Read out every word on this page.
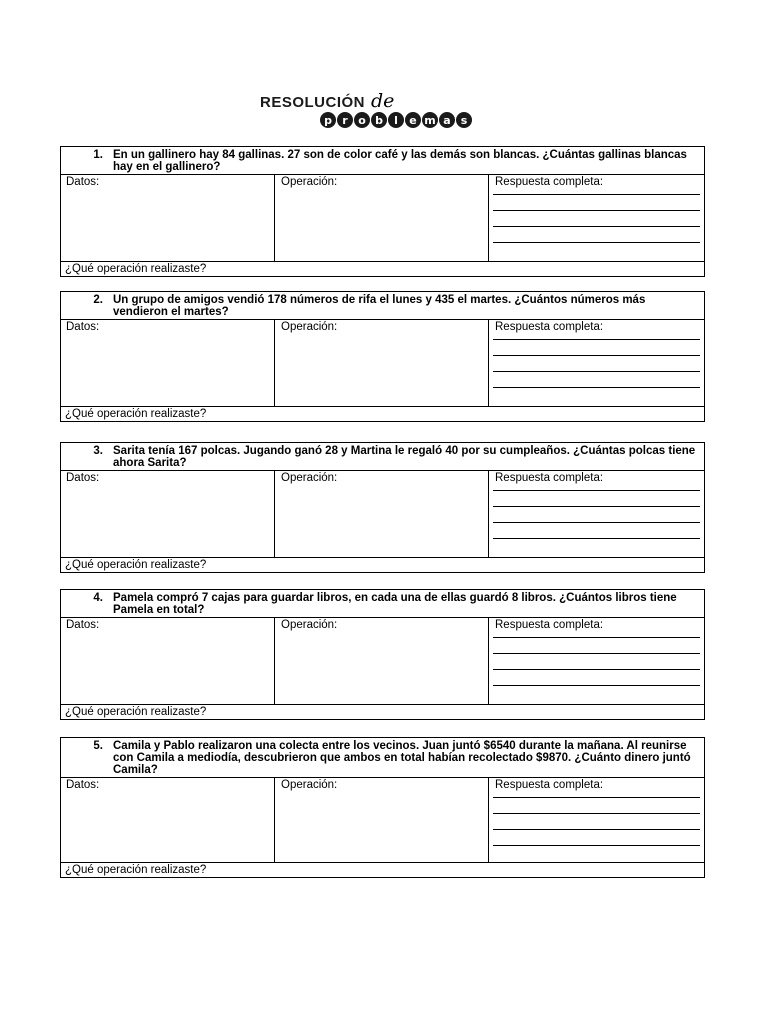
RESOLUCIÓN de
p r o b	l	e m a s
1. En un gallinero hay 84 gallinas. 27 son de color café y las demás son blancas. ¿Cuántas gallinas blancas hay en el gallinero?
Datos:	Operación:	Respuesta completa:
¿Qué operación realizaste?
2. Un grupo de amigos vendió 178 números de rifa el lunes y 435 el martes. ¿Cuántos números más vendieron el martes?
Datos:	Operación:	Respuesta completa:
¿Qué operación realizaste?
3. Sarita tenía 167 polcas. Jugando ganó 28 y Martina le regaló 40 por su cumpleaños. ¿Cuántas polcas tiene ahora Sarita?
Datos:	Operación:	Respuesta completa:
¿Qué operación realizaste?
4. Pamela compró 7 cajas para guardar libros, en cada una de ellas guardó 8 libros. ¿Cuántos libros tiene Pamela en total?
Datos:	Operación:	Respuesta completa:
¿Qué operación realizaste?
5. Camila y Pablo realizaron una colecta entre los vecinos. Juan juntó $6540 durante la mañana. Al reunirse con Camila a mediodía, descubrieron que ambos en total habían recolectado $9870. ¿Cuánto dinero juntó Camila?
Datos:	Operación:	Respuesta completa:
¿Qué operación realizaste?
